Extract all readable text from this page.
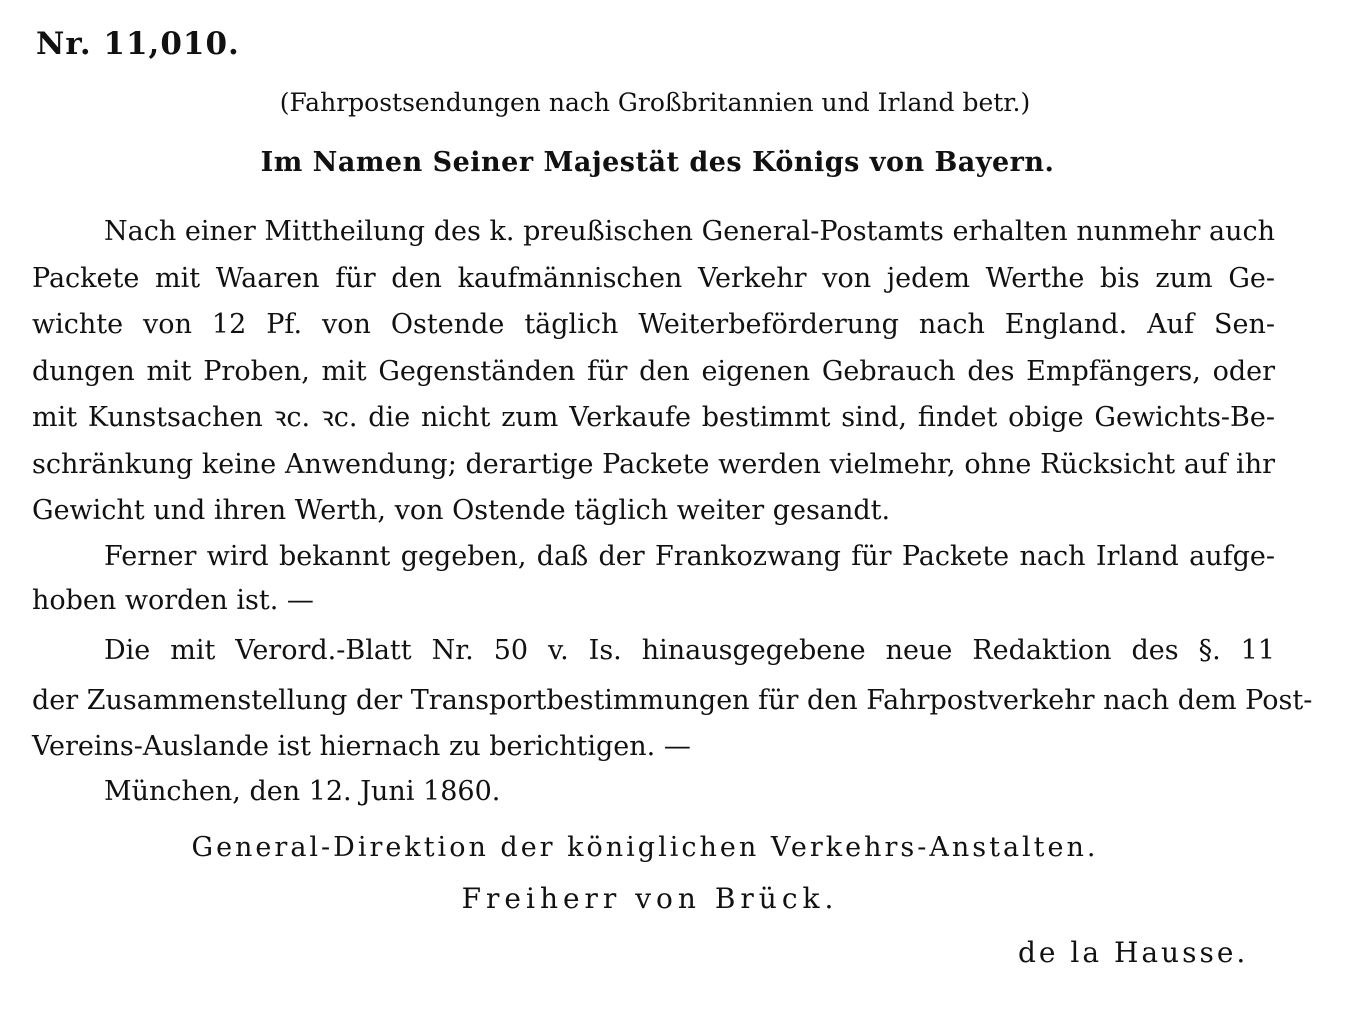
Nr. 11,010.
(Fahrpostsendungen nach Großbritannien und Irland betr.)
Im Namen Seiner Majestät des Königs von Bayern.
Nach einer Mittheilung des k. preußischen General-Postamts erhalten nunmehr auch
Packete mit Waaren für den kaufmännischen Verkehr von jedem Werthe bis zum Ge-
wichte von 12 Pf. von Ostende täglich Weiterbeförderung nach England. Auf Sen-
dungen mit Proben, mit Gegenständen für den eigenen Gebrauch des Empfängers, oder
mit Kunstsachen ꝛc. ꝛc. die nicht zum Verkaufe bestimmt sind, findet obige Gewichts-Be-
schränkung keine Anwendung; derartige Packete werden vielmehr, ohne Rücksicht auf ihr
Gewicht und ihren Werth, von Ostende täglich weiter gesandt.
Ferner wird bekannt gegeben, daß der Frankozwang für Packete nach Irland aufge-
hoben worden ist. —
Die mit Verord.-Blatt Nr. 50 v. Is. hinausgegebene neue Redaktion des §. 11
der Zusammenstellung der Transportbestimmungen für den Fahrpostverkehr nach dem Post-
Vereins-Auslande ist hiernach zu berichtigen. —
München, den 12. Juni 1860.
General-Direktion der königlichen Verkehrs-Anstalten.
Freiherr von Brück.
de la Hausse.
